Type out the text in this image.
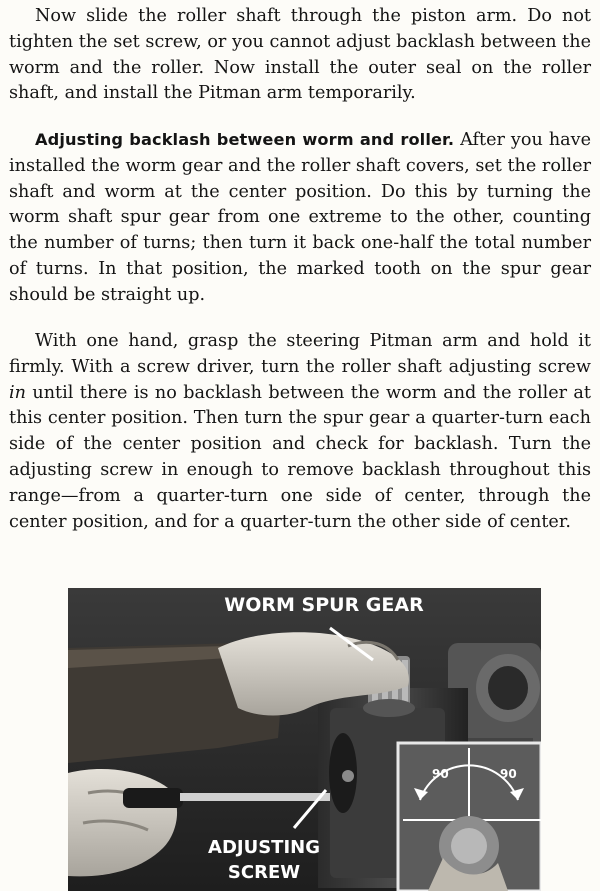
Now slide the roller shaft through the piston arm. Do not tighten the set screw, or you cannot adjust backlash between the worm and the roller. Now install the outer seal on the roller shaft, and install the Pitman arm temporarily.

Adjusting backlash between worm and roller. After you have installed the worm gear and the roller shaft covers, set the roller shaft and worm at the center position. Do this by turning the worm shaft spur gear from one extreme to the other, counting the number of turns; then turn it back one-half the total number of turns. In that position, the marked tooth on the spur gear should be straight up.

With one hand, grasp the steering Pitman arm and hold it firmly. With a screw driver, turn the roller shaft adjusting screw in until there is no backlash between the worm and the roller at this center position. Then turn the spur gear a quarter-turn each side of the center position and check for backlash. Turn the adjusting screw in enough to remove backlash throughout this range—from a quarter-turn one side of center, through the center position, and for a quarter-turn the other side of center.

WORM SPUR GEAR
ADJUSTING
SCREW
90	90
